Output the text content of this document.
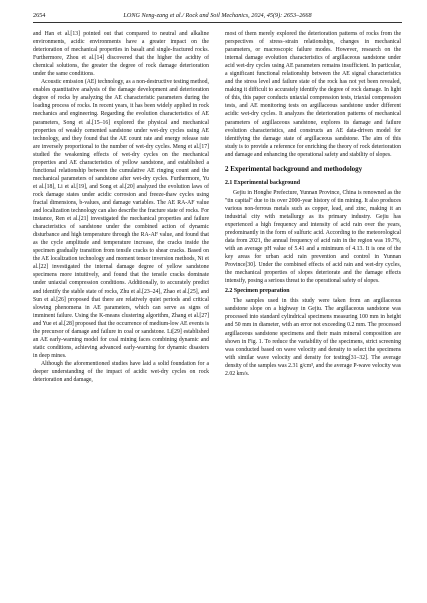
2654	LONG Neng-zang et al./ Rock and Soil Mechanics, 2024, 45(9): 2653–2668

and Han et al.[13] pointed out that compared to neutral and alkaline environments, acidic environments have a greater impact on the deterioration of mechanical properties in basalt and single-fractured rocks. Furthermore, Zhou et al.[14] discovered that the higher the acidity of chemical solutions, the greater the degree of rock damage deterioration under the same conditions.

Acoustic emission (AE) technology, as a non-destructive testing method, enables quantitative analysis of the damage development and deterioration degree of rocks by analyzing the AE characteristic parameters during the loading process of rocks. In recent years, it has been widely applied in rock mechanics and engineering. Regarding the evolution characteristics of AE parameters, Song et al.[15–16] explored the physical and mechanical properties of weakly cemented sandstone under wet-dry cycles using AE technology, and they found that the AE count rate and energy release rate are inversely proportional to the number of wet-dry cycles. Meng et al.[17] studied the weakening effects of wet-dry cycles on the mechanical properties and AE characteristics of yellow sandstone, and established a functional relationship between the cumulative AE ringing count and the mechanical parameters of sandstone after wet-dry cycles. Furthermore, Yu et al.[18], Li et al.[19], and Song et al.[20] analyzed the evolution laws of rock damage states under acidic corrosion and freeze-thaw cycles using fractal dimensions, b-values, and damage variables. The AE RA-AF value and localization technology can also describe the fracture state of rocks. For instance, Ren et al.[21] investigated the mechanical properties and failure characteristics of sandstone under the combined action of dynamic disturbance and high temperature through the RA-AF value, and found that as the cycle amplitude and temperature increase, the cracks inside the specimen gradually transition from tensile cracks to shear cracks. Based on the AE localization technology and moment tensor inversion methods, Ni et al.[22] investigated the internal damage degree of yellow sandstone specimens more intuitively, and found that the tensile cracks dominate under uniaxial compression conditions. Additionally, to accurately predict and identify the stable state of rocks, Zhu et al.[23–24], Zhao et al.[25], and Sun et al.[26] proposed that there are relatively quiet periods and critical slowing phenomena in AE parameters, which can serve as signs of imminent failure. Using the K-means clustering algorithm, Zhang et al.[27] and Yue et al.[28] proposed that the occurrence of medium-low AE events is the precursor of damage and failure in coal or sandstone. Li[29] established an AE early-warning model for coal mining faces combining dynamic and static conditions, achieving advanced early-warning for dynamic disasters in deep mines.

Although the aforementioned studies have laid a solid foundation for a deeper understanding of the impact of acidic wet-dry cycles on rock deterioration and damage,

most of them merely explored the deterioration patterns of rocks from the perspectives of stress–strain relationships, changes in mechanical parameters, or macroscopic failure modes. However, research on the internal damage evolution characteristics of argillaceous sandstone under acid wet-dry cycles using AE parameters remains insufficient. In particular, a significant functional relationship between the AE signal characteristics and the stress level and failure state of the rock has not yet been revealed, making it difficult to accurately identify the degree of rock damage. In light of this, this paper conducts uniaxial compression tests, triaxial compression tests, and AE monitoring tests on argillaceous sandstone under different acidic wet-dry cycles. It analyzes the deterioration patterns of mechanical parameters of argillaceous sandstone, explores its damage and failure evolution characteristics, and constructs an AE data-driven model for identifying the damage state of argillaceous sandstone. The aim of this study is to provide a reference for enriching the theory of rock deterioration and damage and enhancing the operational safety and stability of slopes.

2 Experimental background and methodology
2.1 Experimental background

Gejiu in Honghe Prefecture, Yunnan Province, China is renowned as the "tin capital" due to its over 2000-year history of tin mining. It also produces various non-ferrous metals such as copper, lead, and zinc, making it an industrial city with metallurgy as its primary industry. Gejiu has experienced a high frequency and intensity of acid rain over the years, predominantly in the form of sulfuric acid. According to the meteorological data from 2021, the annual frequency of acid rain in the region was 19.7%, with an average pH value of 5.41 and a minimum of 4.13. It is one of the key areas for urban acid rain prevention and control in Yunnan Province[30]. Under the combined effects of acid rain and wet-dry cycles, the mechanical properties of slopes deteriorate and the damage effects intensify, posing a serious threat to the operational safety of slopes.

2.2 Specimen preparation

The samples used in this study were taken from an argillaceous sandstone slope on a highway in Gejiu. The argillaceous sandstone was processed into standard cylindrical specimens measuring 100 mm in height and 50 mm in diameter, with an error not exceeding 0.2 mm. The processed argillaceous sandstone specimens and their main mineral composition are shown in Fig. 1. To reduce the variability of the specimens, strict screening was conducted based on wave velocity and density to select the specimens with similar wave velocity and density for testing[31–32]. The average density of the samples was 2.31 g/cm³, and the average P-wave velocity was 2.02 km/s.
